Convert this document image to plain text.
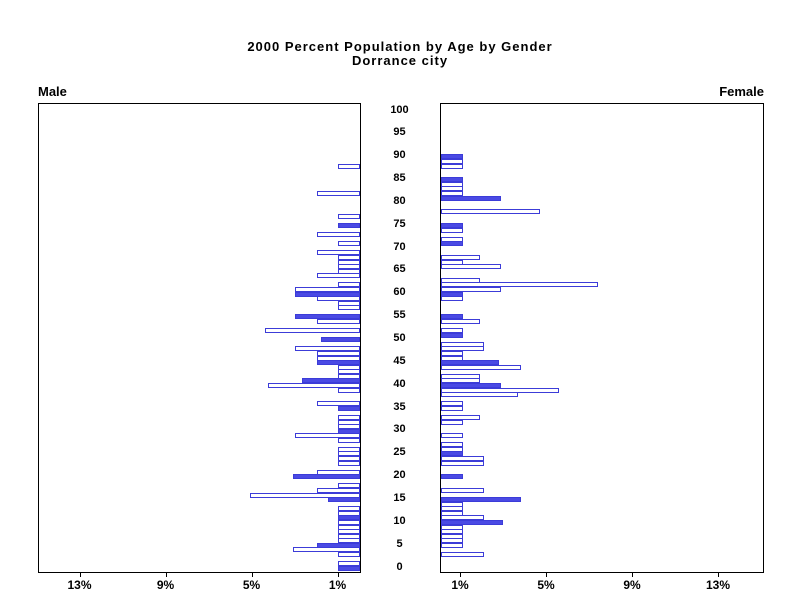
2000 Percent Population by Age by Gender
Dorrance city
Male	Female
0
5
10
15
20
25
30
35
40
45
50
55
60
65
70
75
80
85
90
95
100
1%	1%
5%	5%
9%	9%
13%	13%
